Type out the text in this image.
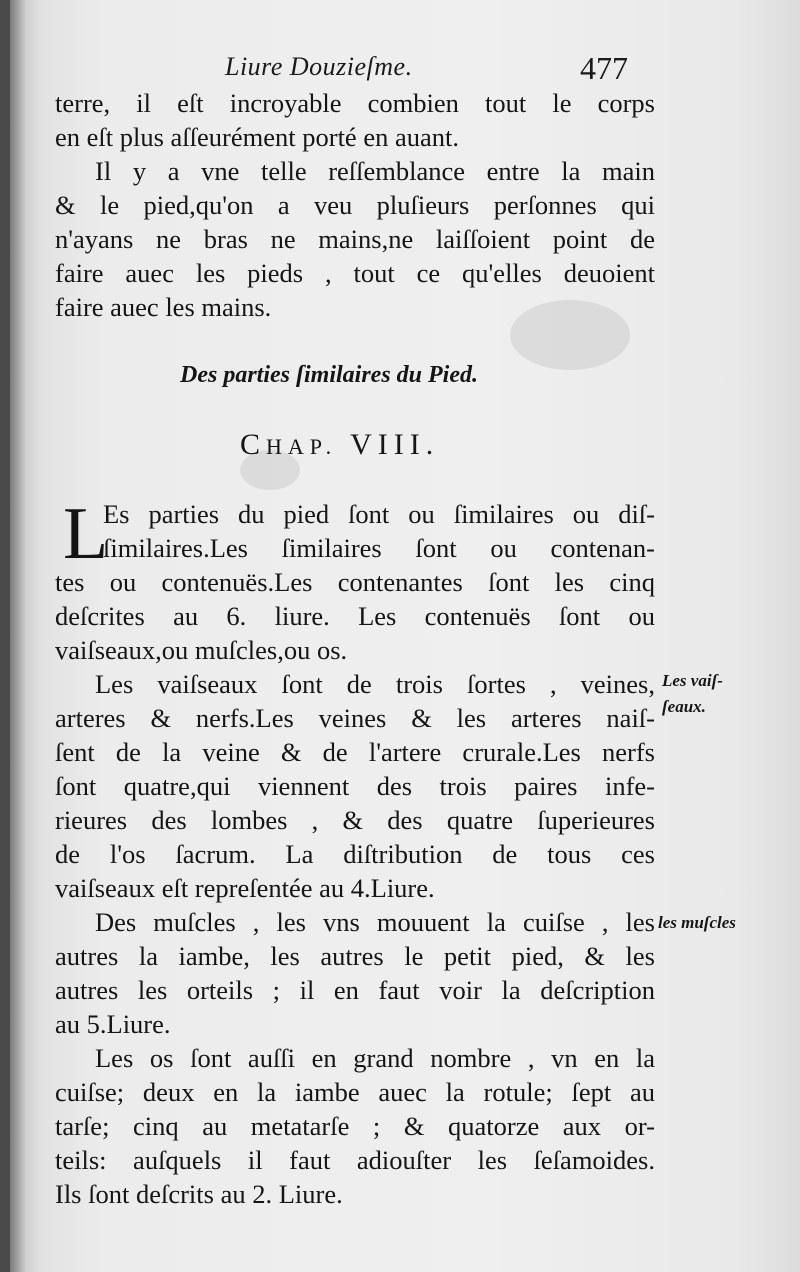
Liure Douzieſme.	477
terre, il eſt incroyable combien tout le corps
en eſt plus aſſeurément porté en auant.
Il y a vne telle reſſemblance entre la main
& le pied,qu'on a veu pluſieurs perſonnes qui
n'ayans ne bras ne mains,ne laiſſoient point de
faire auec les pieds , tout ce qu'elles deuoient
faire auec les mains.
Des parties ſimilaires du Pied.
CHAP. VIII.
L
Es parties du pied ſont ou ſimilaires ou diſ-
ſimilaires.Les ſimilaires ſont ou contenan-
tes ou contenuës.Les contenantes ſont les cinq
deſcrites au 6. liure. Les contenuës ſont ou
vaiſseaux,ou muſcles,ou os.
Les vaiſseaux ſont de trois ſortes , veines,
arteres & nerfs.Les veines & les arteres naiſ-
ſent de la veine & de l'artere crurale.Les nerfs
ſont quatre,qui viennent des trois paires infe-
rieures des lombes , & des quatre ſuperieures
de l'os ſacrum. La diſtribution de tous ces
vaiſseaux eſt repreſentée au 4.Liure.
Des muſcles , les vns mouuent la cuiſse , les
autres la iambe, les autres le petit pied, & les
autres les orteils ; il en faut voir la deſcription
au 5.Liure.
Les os ſont auſſi en grand nombre , vn en la
cuiſse; deux en la iambe auec la rotule; ſept au
tarſe; cinq au metatarſe ; & quatorze aux or-
teils: auſquels il faut adiouſter les ſeſamoides.
Ils ſont deſcrits au 2. Liure.
Les vaiſ-
ſeaux.
les muſcles
